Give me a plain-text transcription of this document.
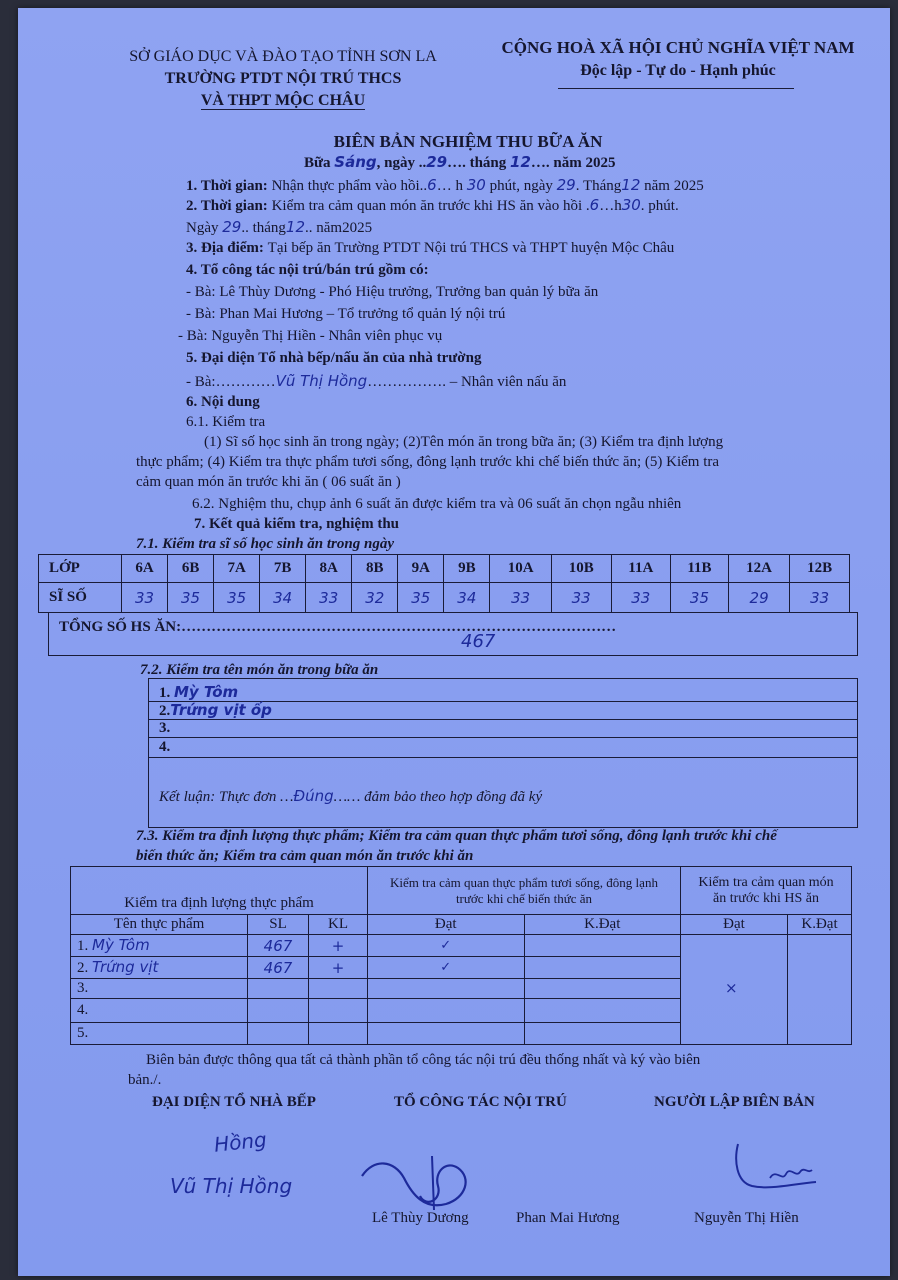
SỞ GIÁO DỤC VÀ ĐÀO TẠO TỈNH SƠN LA
TRƯỜNG PTDT NỘI TRÚ THCS
VÀ THPT MỘC CHÂU
CỘNG HOÀ XÃ HỘI CHỦ NGHĨA VIỆT NAM
Độc lập - Tự do - Hạnh phúc
BIÊN BẢN NGHIỆM THU BỮA ĂN
Bữa Sáng, ngày ..29…. tháng 12…. năm 2025
1. Thời gian: Nhận thực phẩm vào hồi..6… h 30 phút, ngày 29. Tháng12 năm 2025
2. Thời gian: Kiểm tra cảm quan món ăn trước khi HS ăn vào hồi .6…h30. phút.
Ngày 29.. tháng12.. năm2025
3. Địa điểm: Tại bếp ăn Trường PTDT Nội trú THCS và THPT huyện Mộc Châu
4. Tổ công tác nội trú/bán trú gồm có:
- Bà: Lê Thùy Dương - Phó Hiệu trưởng, Trưởng ban quản lý bữa ăn
- Bà: Phan Mai Hương – Tổ trưởng tổ quản lý nội trú
- Bà: Nguyễn Thị Hiền - Nhân viên phục vụ
5. Đại diện Tổ nhà bếp/nấu ăn của nhà trường
- Bà:…………Vũ Thị Hồng……………. – Nhân viên nấu ăn
6. Nội dung
6.1. Kiểm tra
(1) Sĩ số học sinh ăn trong ngày; (2)Tên món ăn trong bữa ăn; (3) Kiểm tra định lượng
thực phẩm; (4) Kiểm tra thực phẩm tươi sống, đông lạnh trước khi chế biến thức ăn; (5) Kiểm tra
cảm quan món ăn trước khi ăn ( 06 suất ăn )
6.2. Nghiệm thu, chụp ảnh 6 suất ăn được kiểm tra và 06 suất ăn chọn ngẫu nhiên
7. Kết quả kiểm tra, nghiệm thu
7.1. Kiểm tra sĩ số học sinh ăn trong ngày
LỚP	6A	6B	7A	7B	8A	8B	9A	9B	10A	10B	11A	11B	12A	12B
SĨ SỐ	33	35	35	34	33	32	35	34	33	33	33	35	29	33
TỔNG SỐ HS ĂN:……………………………………………………………………………
467
7.2. Kiểm tra tên món ăn trong bữa ăn
1. Mỳ Tôm
2.Trứng vịt ốp
3.
4.
Kết luận: Thực đơn …Đúng…… đảm bảo theo hợp đồng đã ký
7.3. Kiểm tra định lượng thực phẩm; Kiểm tra cảm quan thực phẩm tươi sống, đông lạnh trước khi chế
biến thức ăn; Kiểm tra cảm quan món ăn trước khi ăn
Kiểm tra định lượng thực phẩm			Kiểm tra cảm quan thực phẩm tươi sống, đông lạnh trước khi chế biến thức ăn		Kiểm tra cảm quan món ăn trước khi HS ăn	
Tên thực phẩm	SL	KL	Đạt	K.Đạt	Đạt	K.Đạt
1. Mỳ Tôm	467	+	✓		×	

2. Trứng vịt	467	+	✓			
3.						
4.						
5.						
Biên bản được thông qua tất cả thành phần tổ công tác nội trú đều thống nhất và ký vào biên
bản./.
ĐẠI DIỆN TỔ NHÀ BẾP	TỔ CÔNG TÁC NỘI TRÚ	NGƯỜI LẬP BIÊN BẢN
Hồng
Vũ Thị Hồng
Lê Thùy Dương	Phan Mai Hương	Nguyễn Thị Hiền
